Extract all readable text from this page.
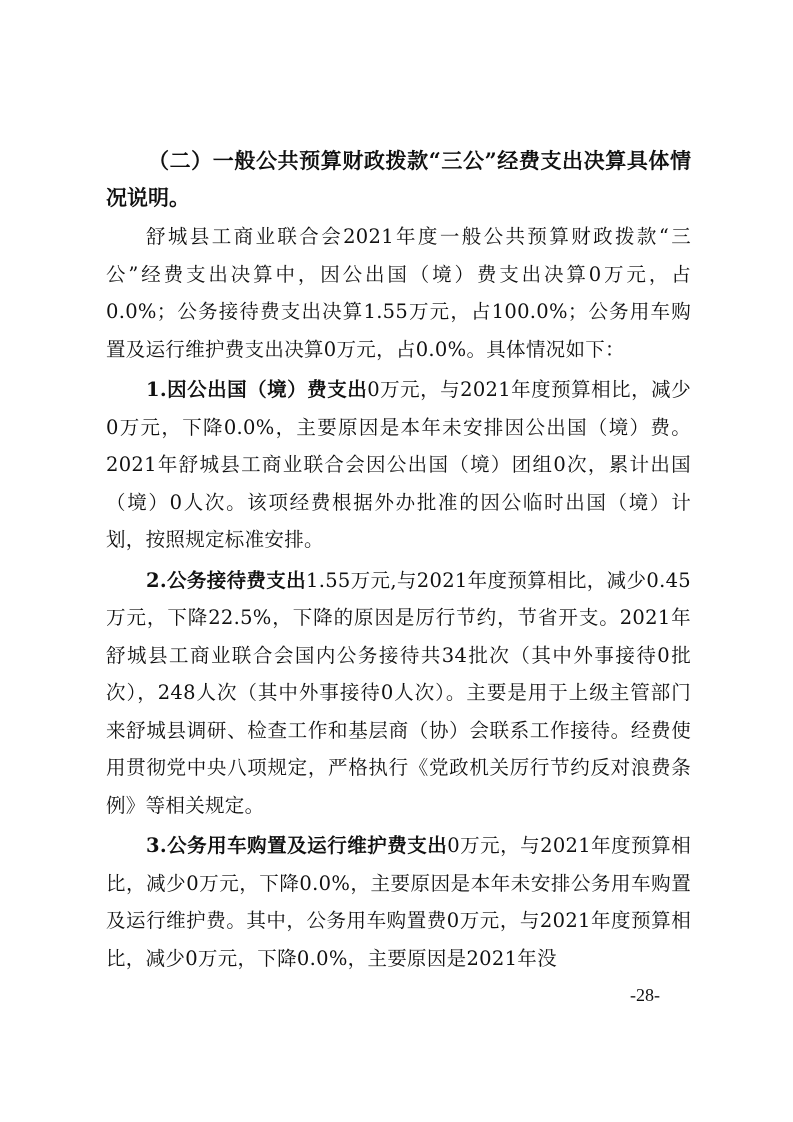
（二）一般公共预算财政拨款“三公”经费支出决算具体情况说明。

舒城县工商业联合会2021年度一般公共预算财政拨款“三公”经费支出决算中，因公出国（境）费支出决算0万元，占0.0%；公务接待费支出决算1.55万元，占100.0%；公务用车购置及运行维护费支出决算0万元，占0.0%。具体情况如下：

1.因公出国（境）费支出0万元，与2021年度预算相比，减少0万元，下降0.0%，主要原因是本年未安排因公出国（境）费。2021年舒城县工商业联合会因公出国（境）团组0次，累计出国（境）0人次。该项经费根据外办批准的因公临时出国（境）计划，按照规定标准安排。

2.公务接待费支出1.55万元,与2021年度预算相比，减少0.45万元，下降22.5%，下降的原因是厉行节约，节省开支。2021年舒城县工商业联合会国内公务接待共34批次（其中外事接待0批次），248人次（其中外事接待0人次）。主要是用于上级主管部门来舒城县调研、检查工作和基层商（协）会联系工作接待。经费使用贯彻党中央八项规定，严格执行《党政机关厉行节约反对浪费条例》等相关规定。

3.公务用车购置及运行维护费支出0万元，与2021年度预算相比，减少0万元，下降0.0%，主要原因是本年未安排公务用车购置及运行维护费。其中，公务用车购置费0万元，与2021年度预算相比，减少0万元，下降0.0%，主要原因是2021年没

-28-
